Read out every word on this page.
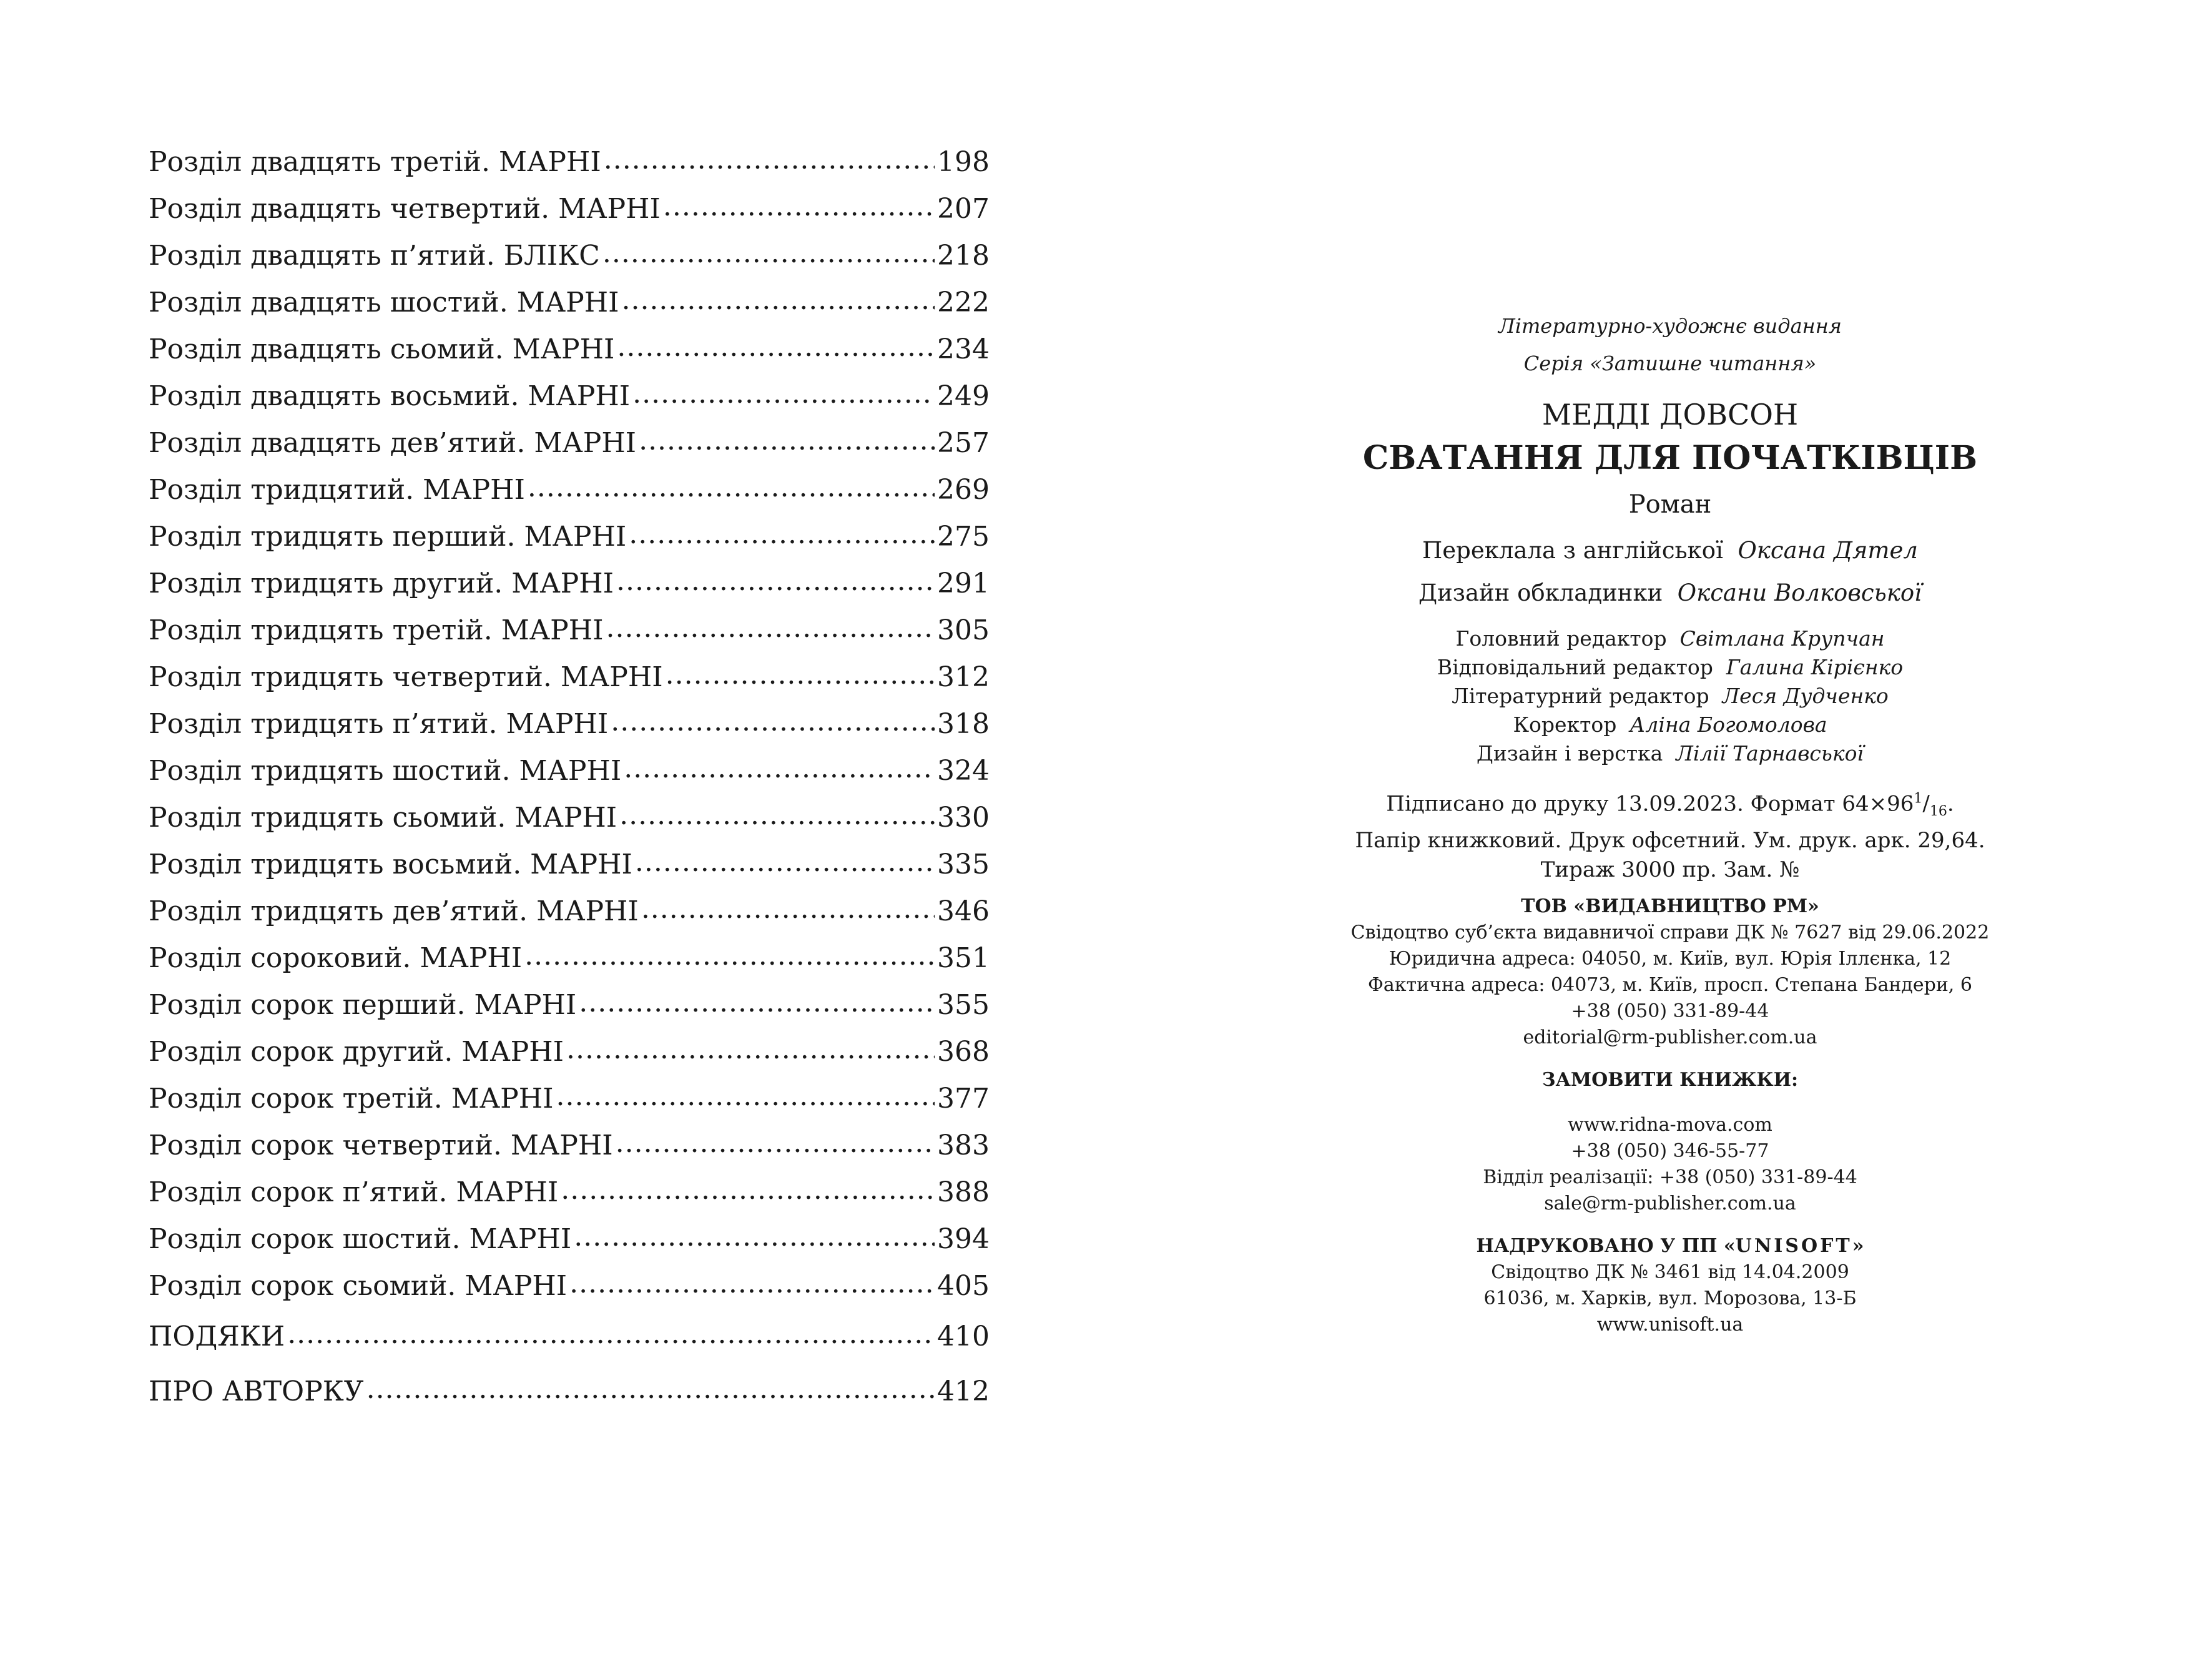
Розділ двадцять третій. МАРНІ .....	198
Розділ двадцять четвертий. МАРНІ .....	207
Розділ двадцять п’ятий. БЛІКС .....	218
Розділ двадцять шостий. МАРНІ .....	222
Розділ двадцять сьомий. МАРНІ .....	234
Розділ двадцять восьмий. МАРНІ .....	249
Розділ двадцять дев’ятий. МАРНІ .....	257
Розділ тридцятий. МАРНІ .....	269
Розділ тридцять перший. МАРНІ .....	275
Розділ тридцять другий. МАРНІ .....	291
Розділ тридцять третій. МАРНІ .....	305
Розділ тридцять четвертий. МАРНІ .....	312
Розділ тридцять п’ятий. МАРНІ .....	318
Розділ тридцять шостий. МАРНІ .....	324
Розділ тридцять сьомий. МАРНІ .....	330
Розділ тридцять восьмий. МАРНІ .....	335
Розділ тридцять дев’ятий. МАРНІ .....	346
Розділ сороковий. МАРНІ .....	351
Розділ сорок перший. МАРНІ .....	355
Розділ сорок другий. МАРНІ .....	368
Розділ сорок третій. МАРНІ .....	377
Розділ сорок четвертий. МАРНІ .....	383
Розділ сорок п’ятий. МАРНІ .....	388
Розділ сорок шостий. МАРНІ .....	394
Розділ сорок сьомий. МАРНІ .....	405
ПОДЯКИ .....	410
ПРО АВТОРКУ .....	412
Літературно-художнє видання
Серія «Затишне читання»
МЕДДІ ДОВСОН
СВАТАННЯ ДЛЯ ПОЧАТКІВЦІВ
Роман
Переклала з англійської Оксана Дятел
Дизайн обкладинки Оксани Волковської
Головний редактор Світлана Крупчан
Відповідальний редактор Галина Кірієнко
Літературний редактор Леся Дудченко
Коректор Аліна Богомолова
Дизайн і верстка Лілії Тарнавської
Підписано до друку 13.09.2023. Формат $64\times 96^1/_{16}$.
Папір книжковий. Друк офсетний. Ум. друк. арк. 29,64.
Тираж 3000 пр. Зам. №
ТОВ «ВИДАВНИЦТВО РМ»
Свідоцтво суб’єкта видавничої справи ДК № 7627 від 29.06.2022
Юридична адреса: 04050, м. Київ, вул. Юрія Іллєнка, 12
Фактична адреса: 04073, м. Київ, просп. Степана Бандери, 6
+38 (050) 331-89-44
editorial@rm-publisher.com.ua
ЗАМОВИТИ КНИЖКИ:
www.ridna-mova.com
+38 (050) 346-55-77
Відділ реалізації: +38 (050) 331-89-44
sale@rm-publisher.com.ua
НАДРУКОВАНО У ПП «UNISOFT»
Свідоцтво ДК № 3461 від 14.04.2009
61036, м. Харків, вул. Морозова, 13-Б
www.unisoft.ua
